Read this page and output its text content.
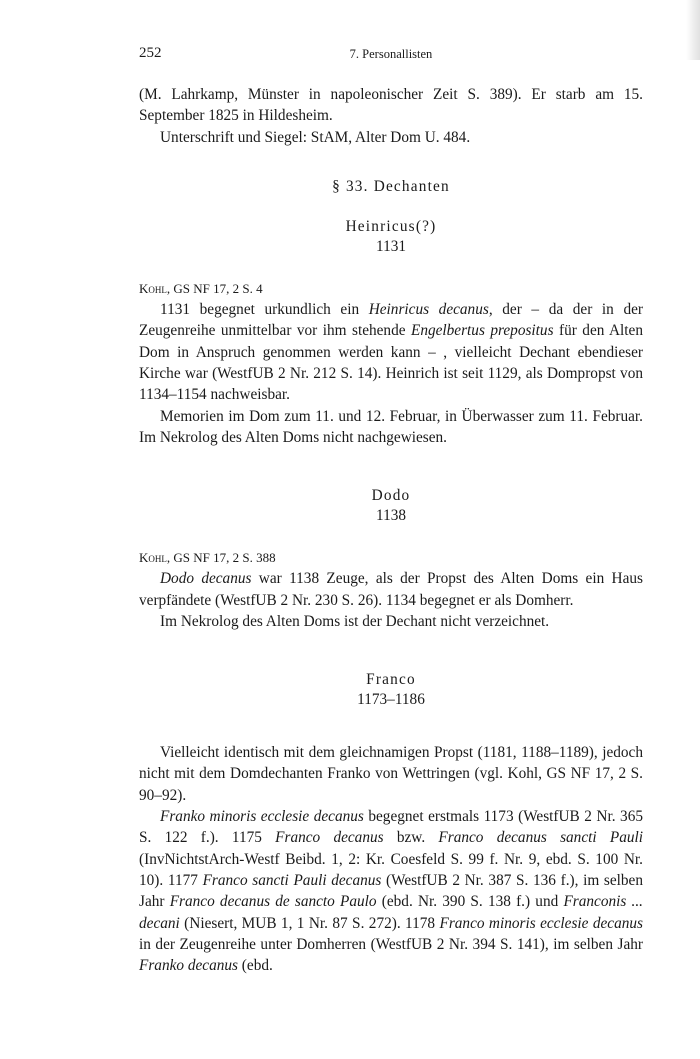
252	7. Personallisten

(M. Lahrkamp, Münster in napoleonischer Zeit S. 389). Er starb am 15. September 1825 in Hildesheim.

Unterschrift und Siegel: StAM, Alter Dom U. 484.

§ 33. Dechanten
Heinricus(?)
1131
Kohl, GS NF 17, 2 S. 4

1131 begegnet urkundlich ein Heinricus decanus, der – da der in der Zeugenreihe unmittelbar vor ihm stehende Engelbertus prepositus für den Alten Dom in Anspruch genommen werden kann – , vielleicht Dechant ebendieser Kirche war (WestfUB 2 Nr. 212 S. 14). Heinrich ist seit 1129, als Dompropst von 1134–1154 nachweisbar.

Memorien im Dom zum 11. und 12. Februar, in Überwasser zum 11. Februar. Im Nekrolog des Alten Doms nicht nachgewiesen.

Dodo
1138
Kohl, GS NF 17, 2 S. 388

Dodo decanus war 1138 Zeuge, als der Propst des Alten Doms ein Haus verpfändete (WestfUB 2 Nr. 230 S. 26). 1134 begegnet er als Domherr.

Im Nekrolog des Alten Doms ist der Dechant nicht verzeichnet.

Franco
1173–1186

Vielleicht identisch mit dem gleichnamigen Propst (1181, 1188–1189), jedoch nicht mit dem Domdechanten Franko von Wettringen (vgl. Kohl, GS NF 17, 2 S. 90–92).

Franko minoris ecclesie decanus begegnet erstmals 1173 (WestfUB 2 Nr. 365 S. 122 f.). 1175 Franco decanus bzw. Franco decanus sancti Pauli (InvNichtstArch-Westf Beibd. 1, 2: Kr. Coesfeld S. 99 f. Nr. 9, ebd. S. 100 Nr. 10). 1177 Franco sancti Pauli decanus (WestfUB 2 Nr. 387 S. 136 f.), im selben Jahr Franco decanus de sancto Paulo (ebd. Nr. 390 S. 138 f.) und Franconis ... decani (Niesert, MUB 1, 1 Nr. 87 S. 272). 1178 Franco minoris ecclesie decanus in der Zeugenreihe unter Domherren (WestfUB 2 Nr. 394 S. 141), im selben Jahr Franko decanus (ebd.
